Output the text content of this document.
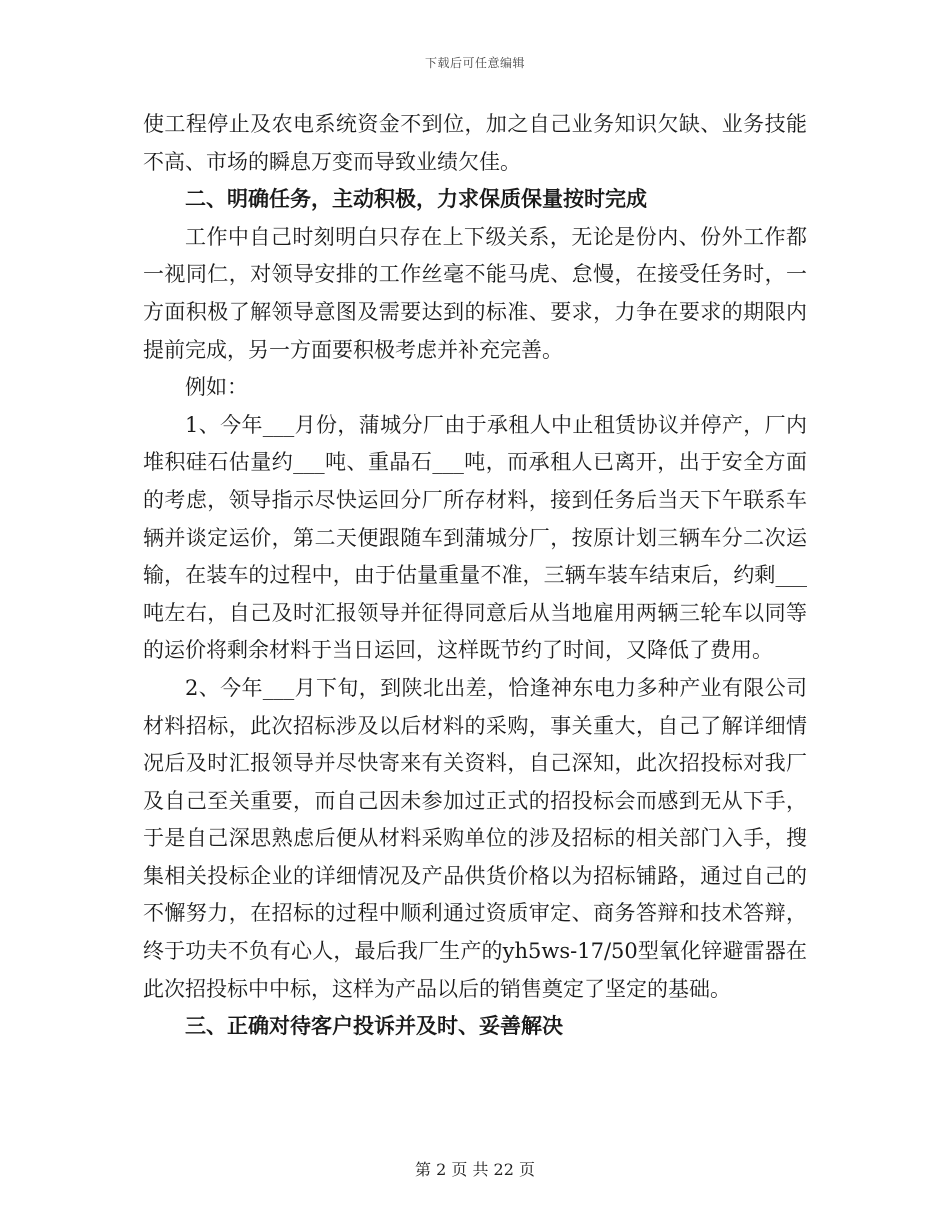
下载后可任意编辑

使工程停止及农电系统资金不到位，加之自己业务知识欠缺、业务技能不高、市场的瞬息万变而导致业绩欠佳。

二、明确任务，主动积极，力求保质保量按时完成

工作中自己时刻明白只存在上下级关系，无论是份内、份外工作都一视同仁，对领导安排的工作丝毫不能马虎、怠慢，在接受任务时，一方面积极了解领导意图及需要达到的标准、要求，力争在要求的期限内提前完成，另一方面要积极考虑并补充完善。

例如：

1、今年___月份，蒲城分厂由于承租人中止租赁协议并停产，厂内堆积硅石估量约___吨、重晶石___吨，而承租人已离开，出于安全方面的考虑，领导指示尽快运回分厂所存材料，接到任务后当天下午联系车辆并谈定运价，第二天便跟随车到蒲城分厂，按原计划三辆车分二次运输，在装车的过程中，由于估量重量不准，三辆车装车结束后，约剩___吨左右，自己及时汇报领导并征得同意后从当地雇用两辆三轮车以同等的运价将剩余材料于当日运回，这样既节约了时间，又降低了费用。

2、今年___月下旬，到陕北出差，恰逢神东电力多种产业有限公司材料招标，此次招标涉及以后材料的采购，事关重大，自己了解详细情况后及时汇报领导并尽快寄来有关资料，自己深知，此次招投标对我厂及自己至关重要，而自己因未参加过正式的招投标会而感到无从下手，于是自己深思熟虑后便从材料采购单位的涉及招标的相关部门入手，搜集相关投标企业的详细情况及产品供货价格以为招标铺路，通过自己的不懈努力，在招标的过程中顺利通过资质审定、商务答辩和技术答辩，终于功夫不负有心人，最后我厂生产的yh5ws-17/50型氧化锌避雷器在此次招投标中中标，这样为产品以后的销售奠定了坚定的基础。

三、正确对待客户投诉并及时、妥善解决

第 2 页 共 22 页
